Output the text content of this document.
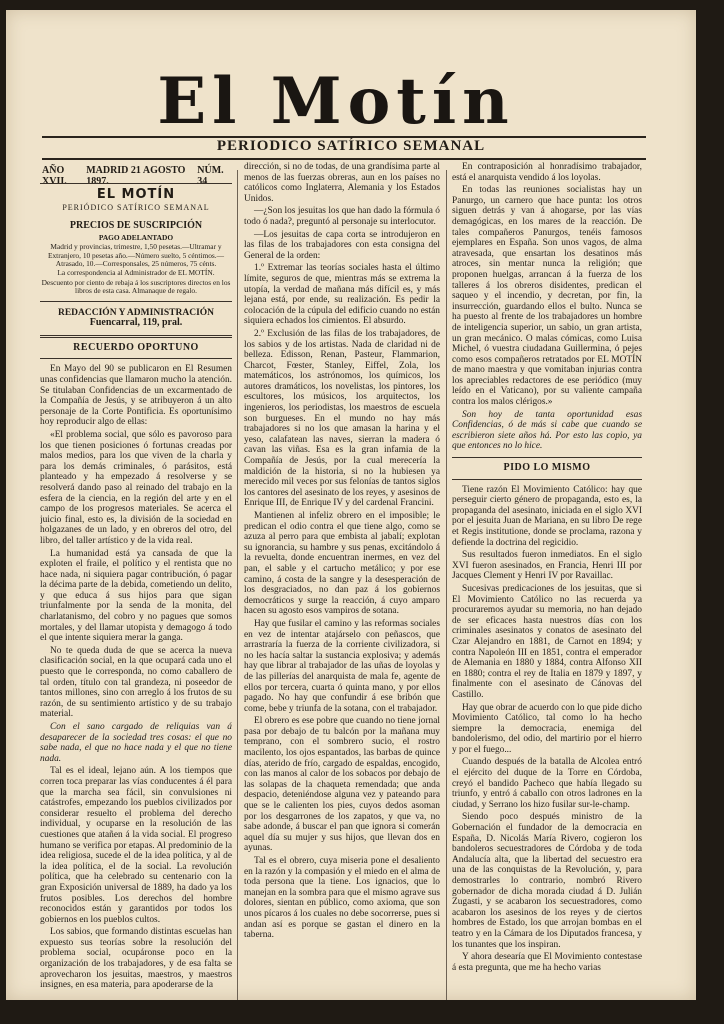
El Motín
PERIODICO SATÍRICO SEMANAL
AÑO XVII.
MADRID 21 AGOSTO 1897.
NÚM. 34
EL MOTÍN
PERIÓDICO SATÍRICO SEMANAL
PRECIOS DE SUSCRIPCIÓN
PAGO ADELANTADO
Madrid y provincias, trimestre, 1,50 pesetas.—Ultramar y Extranjero, 10 pesetas año.—Número suelto, 5 céntimos.—Atrasado, 10.—Corresponsales, 25 números, 75 cénts.
La correspondencia al Administrador de EL MOTÍN.
Descuento por ciento de rebaja á los suscriptores directos en los libros de esta casa. Almanaque de regalo.
REDACCIÓN Y ADMINISTRACIÓN
Fuencarral, 119, pral.
RECUERDO OPORTUNO

En Mayo del 90 se publicaron en El Resumen unas confidencias que llamaron mucho la atención. Se titulaban Confidencias de un excarmentado de la Compañía de Jesús, y se atribuyeron á un alto personaje de la Corte Pontificia. Es oportunísimo hoy reproducir algo de ellas:

«El problema social, que sólo es pavoroso para los que tienen posiciones ó fortunas creadas por malos medios, para los que viven de la charla y para los demás criminales, ó parásitos, está planteado y ha empezado á resolverse y se resolverá dando paso al reinado del trabajo en la esfera de la ciencia, en la región del arte y en el campo de los progresos materiales. Se acerca el juicio final, esto es, la división de la sociedad en holgazanes de un lado, y en obreros del otro, del libro, del taller artístico y de la vida real.

La humanidad está ya cansada de que la exploten el fraile, el político y el rentista que no hace nada, ni siquiera pagar contribución, ó pagar la décima parte de la debida, cometiendo un delito, y que educa á sus hijos para que sigan triunfalmente por la senda de la monita, del charlatanismo, del cobro y no pagues que somos mortales, y del llamar utopista y demagogo á todo el que intente siquiera merar la ganga.

No te queda duda de que se acerca la nueva clasificación social, en la que ocupará cada uno el puesto que le corresponda, no como caballero de tal orden, título con tal grandeza, ni poseedor de tantos millones, sino con arreglo á los frutos de su razón, de su sentimiento artístico y de su trabajo material.

Con el sano cargado de reliquias van á desaparecer de la sociedad tres cosas: el que no sabe nada, el que no hace nada y el que no tiene nada.

Tal es el ideal, lejano aún. A los tiempos que corren toca preparar las vías conducentes á él para que la marcha sea fácil, sin convulsiones ni catástrofes, empezando los pueblos civilizados por considerar resuelto el problema del derecho individual, y ocuparse en la resolución de las cuestiones que atañen á la vida social. El progreso humano se verifica por etapas. Al predominio de la idea religiosa, sucede el de la idea política, y al de la idea política, el de la social. La revolución política, que ha celebrado su centenario con la gran Exposición universal de 1889, ha dado ya los frutos posibles. Los derechos del hombre reconocidos están y garantidos por todos los gobiernos en los pueblos cultos.

Los sabios, que formando distintas escuelas han expuesto sus teorías sobre la resolución del problema social, ocupáronse poco en la organización de los trabajadores, y de esa falta se aprovecharon los jesuitas, maestros, y maestros insignes, en esa materia, para apoderarse de la

dirección, si no de todas, de una grandísima parte al menos de las fuerzas obreras, aun en los países no católicos como Inglaterra, Alemania y los Estados Unidos.

—¿Son los jesuitas los que han dado la fórmula ó todo ó nada?, preguntó al personaje su interlocutor.

—Los jesuitas de capa corta se introdujeron en las filas de los trabajadores con esta consigna del General de la orden:

1.º Extremar las teorías sociales hasta el último límite, seguros de que, mientras más se extrema la utopía, la verdad de mañana más difícil es, y más lejana está, por ende, su realización. Es pedir la colocación de la cúpula del edificio cuando no están siquiera echados los cimientos. El absurdo.

2.º Exclusión de las filas de los trabajadores, de los sabios y de los artistas. Nada de claridad ni de belleza. Edisson, Renan, Pasteur, Flammarion, Charcot, Fœster, Stanley, Eiffel, Zola, los matemáticos, los astrónomos, los químicos, los autores dramáticos, los novelistas, los pintores, los escultores, los músicos, los arquitectos, los ingenieros, los periodistas, los maestros de escuela son burgueses. En el mundo no hay más trabajadores si no los que amasan la harina y el yeso, calafatean las naves, sierran la madera ó cavan las viñas. Esa es la gran infamia de la Compañía de Jesús, por la cual merecería la maldición de la historia, si no la hubiesen ya merecido mil veces por sus felonías de tantos siglos los cantores del asesinato de los reyes, y asesinos de Enrique III, de Enrique IV y del cardenal Francini.

Mantienen al infeliz obrero en el imposible; le predican el odio contra el que tiene algo, como se azuza al perro para que embista al jabalí; explotan su ignorancia, su hambre y sus penas, excitándolo á la revuelta, donde encuentran inermes, en vez del pan, el sable y el cartucho metálico; y por ese camino, á costa de la sangre y la desesperación de los desgraciados, no dan paz á los gobiernos democráticos y surge la reacción, á cuyo amparo hacen su agosto esos vampiros de sotana.

Hay que fusilar el camino y las reformas sociales en vez de intentar atajárselo con peñascos, que arrastraría la fuerza de la corriente civilizadora, si no les hacía saltar la sustancia explosiva; y además hay que librar al trabajador de las uñas de loyolas y de las pillerías del anarquista de mala fe, agente de ellos por tercera, cuarta ó quinta mano, y por ellos pagado. No hay que confundir á ese bribón que come, bebe y triunfa de la sotana, con el trabajador.

El obrero es ese pobre que cuando no tiene jornal pasa por debajo de tu balcón por la mañana muy temprano, con el sombrero sucio, el rostro macilento, los ojos espantados, las barbas de quince días, aterido de frío, cargado de espaldas, encogido, con las manos al calor de los sobacos por debajo de las solapas de la chaqueta remendada; que anda despacio, deteniéndose alguna vez y pateando para que se le calienten los pies, cuyos dedos asoman por los desgarrones de los zapatos, y que va, no sabe adonde, á buscar el pan que ignora si comerán aquel día su mujer y sus hijos, que llevan dos en ayunas.

Tal es el obrero, cuya miseria pone el desaliento en la razón y la compasión y el miedo en el alma de toda persona que la tiene. Los ignacios, que lo manejan en la sombra para que el mismo agrave sus dolores, sientan en público, como axioma, que son unos pícaros á los cuales no debe socorrerse, pues si andan así es porque se gastan el dinero en la taberna.

En contraposición al honradísimo trabajador, está el anarquista vendido á los loyolas.

En todas las reuniones socialistas hay un Panurgo, un carnero que hace punta: los otros siguen detrás y van á ahogarse, por las vías demagógicas, en los mares de la reacción. De tales compañeros Panurgos, tenéis famosos ejemplares en España. Son unos vagos, de alma atravesada, que ensartan los desatinos más atroces, sin mentar nunca la religión; que proponen huelgas, arrancan á la fuerza de los talleres á los obreros disidentes, predican el saqueo y el incendio, y decretan, por fin, la insurrección, guardando ellos el bulto. Nunca se ha puesto al frente de los trabajadores un hombre de inteligencia superior, un sabio, un gran artista, un gran mecánico. O malas cómicas, como Luisa Michel, ó vuestra ciudadana Guillermina, ó pejes como esos compañeros retratados por EL MOTÍN de mano maestra y que vomitaban injurias contra los apreciables redactores de ese periódico (muy leído en el Vaticano), por su valiente campaña contra los malos clérigos.»

Son hoy de tanta oportunidad esas Confidencias, ó de más si cabe que cuando se escribieron siete años há. Por esto las copio, ya que entonces no lo hice.

PIDO LO MISMO

Tiene razón El Movimiento Católico: hay que perseguir cierto género de propaganda, esto es, la propaganda del asesinato, iniciada en el siglo XVI por el jesuita Juan de Mariana, en su libro De rege et Regis institutione, donde se proclama, razona y defiende la doctrina del regicidio.

Sus resultados fueron inmediatos. En el siglo XVI fueron asesinados, en Francia, Henri III por Jacques Clement y Henri IV por Ravaillac.

Sucesivas predicaciones de los jesuitas, que si El Movimiento Católico no las recuerda ya procuraremos ayudar su memoria, no han dejado de ser eficaces hasta nuestros días con los criminales asesinatos y conatos de asesinato del Czar Alejandro en 1881, de Carnot en 1894; y contra Napoleón III en 1851, contra el emperador de Alemania en 1880 y 1884, contra Alfonso XII en 1880; contra el rey de Italia en 1879 y 1897, y finalmente con el asesinato de Cánovas del Castillo.

Hay que obrar de acuerdo con lo que pide dicho Movimiento Católico, tal como lo ha hecho siempre la democracia, enemiga del bandolerismo, del odio, del martirio por el hierro y por el fuego...

Cuando después de la batalla de Alcolea entró el ejército del duque de la Torre en Córdoba, creyó el bandido Pacheco que había llegado su triunfo, y entró á caballo con otros ladrones en la ciudad, y Serrano los hizo fusilar sur-le-champ.

Siendo poco después ministro de la Gobernación el fundador de la democracia en España, D. Nicolás María Rivero, cogieron los bandoleros secuestradores de Córdoba y de toda Andalucía alta, que la libertad del secuestro era una de las conquistas de la Revolución, y, para demostrarles lo contrario, nombró Rivero gobernador de dicha morada ciudad á D. Julián Zugasti, y se acabaron los secuestradores, como acabaron los asesinos de los reyes y de ciertos hombres de Estado, los que arrojan bombas en el teatro y en la Cámara de los Diputados francesa, y los tunantes que los inspiran.

Y ahora desearía que El Movimiento contestase á esta pregunta, que me ha hecho varias
